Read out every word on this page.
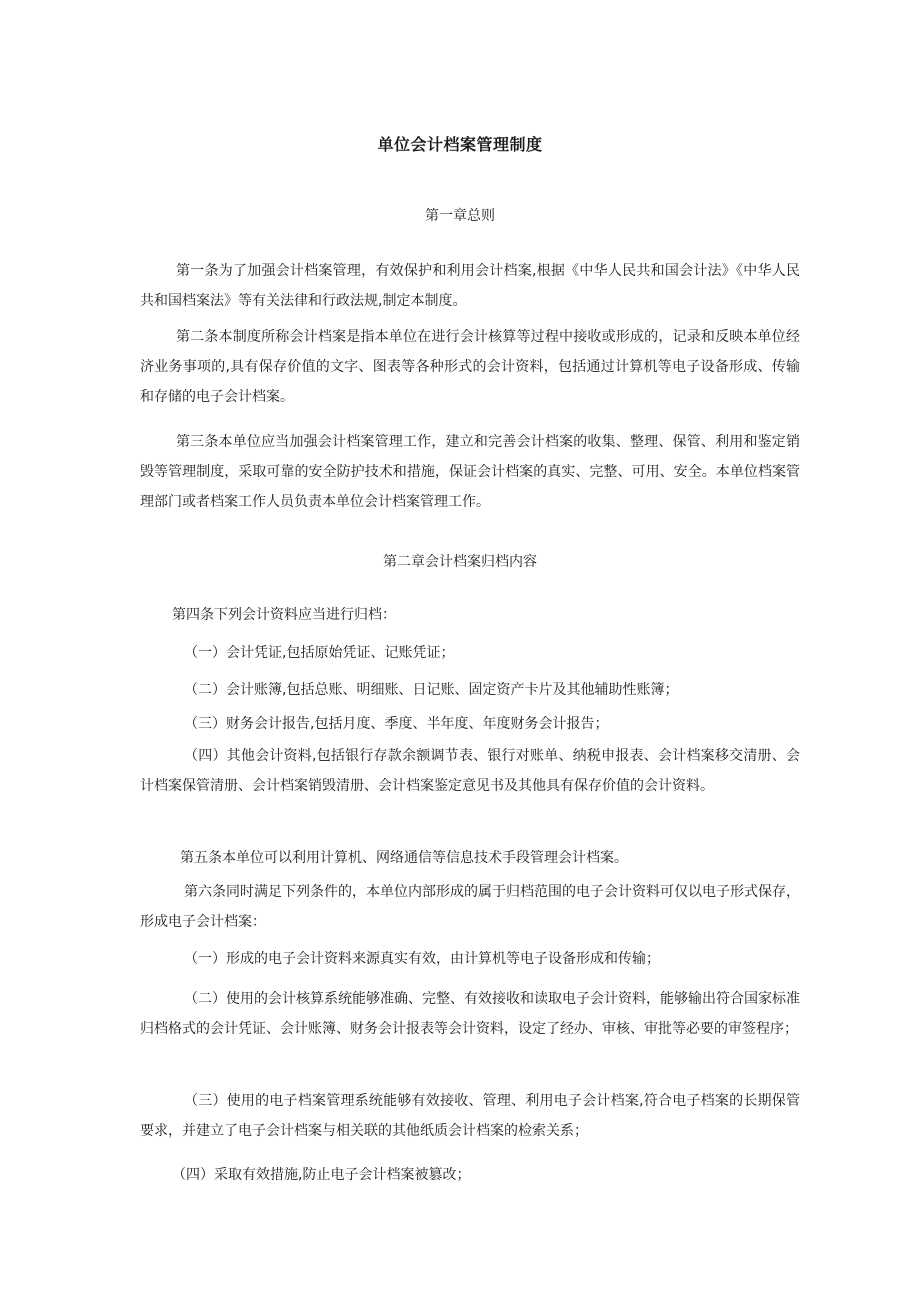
单位会计档案管理制度
第一章总则

第一条为了加强会计档案管理，有效保护和利用会计档案,根据《中华人民共和国会计法》《中华人民共和国档案法》等有关法律和行政法规,制定本制度。

第二条本制度所称会计档案是指本单位在进行会计核算等过程中接收或形成的，记录和反映本单位经济业务事项的,具有保存价值的文字、图表等各种形式的会计资料，包括通过计算机等电子设备形成、传输和存储的电子会计档案。

第三条本单位应当加强会计档案管理工作，建立和完善会计档案的收集、整理、保管、利用和鉴定销毁等管理制度，采取可靠的安全防护技术和措施，保证会计档案的真实、完整、可用、安全。本单位档案管理部门或者档案工作人员负责本单位会计档案管理工作。

第二章会计档案归档内容

第四条下列会计资料应当进行归档：

（一）会计凭证,包括原始凭证、记账凭证；

（二）会计账簿,包括总账、明细账、日记账、固定资产卡片及其他辅助性账簿；

（三）财务会计报告,包括月度、季度、半年度、年度财务会计报告；

（四）其他会计资料,包括银行存款余额调节表、银行对账单、纳税申报表、会计档案移交清册、会计档案保管清册、会计档案销毁清册、会计档案鉴定意见书及其他具有保存价值的会计资料。

第五条本单位可以利用计算机、网络通信等信息技术手段管理会计档案。

第六条同时满足下列条件的，本单位内部形成的属于归档范围的电子会计资料可仅以电子形式保存，形成电子会计档案：

（一）形成的电子会计资料来源真实有效，由计算机等电子设备形成和传输；

（二）使用的会计核算系统能够准确、完整、有效接收和读取电子会计资料，能够输出符合国家标准归档格式的会计凭证、会计账簿、财务会计报表等会计资料，设定了经办、审核、审批等必要的审签程序；

（三）使用的电子档案管理系统能够有效接收、管理、利用电子会计档案,符合电子档案的长期保管要求，并建立了电子会计档案与相关联的其他纸质会计档案的检索关系；

（四）采取有效措施,防止电子会计档案被篡改；
